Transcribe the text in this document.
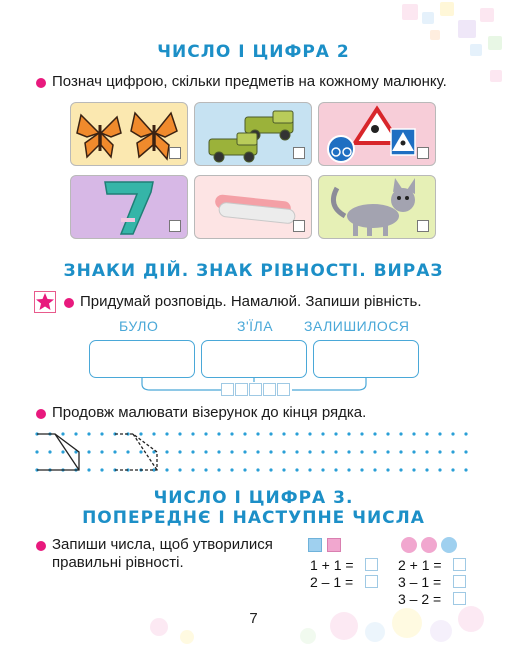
ЧИСЛО І ЦИФРА 2
Познач цифрою, скільки предметів на кожному малюнку.
ЗНАКИ ДІЙ. ЗНАК РІВНОСТІ. ВИРАЗ
Придумай розповідь. Намалюй. Запиши рівність.
БУЛО	З'ЇЛА ЗАЛИШИЛОСЯ
Продовж малювати візерунок до кінця рядка.
ЧИСЛО І ЦИФРА 3.
ПОПЕРЕДНЄ І НАСТУПНЕ ЧИСЛА
Запиши числа, щоб утворилися правильні рівності.	1 + 1 =
2 – 1 =
2 + 1 =
3 – 1 =
3 – 2 =
7
